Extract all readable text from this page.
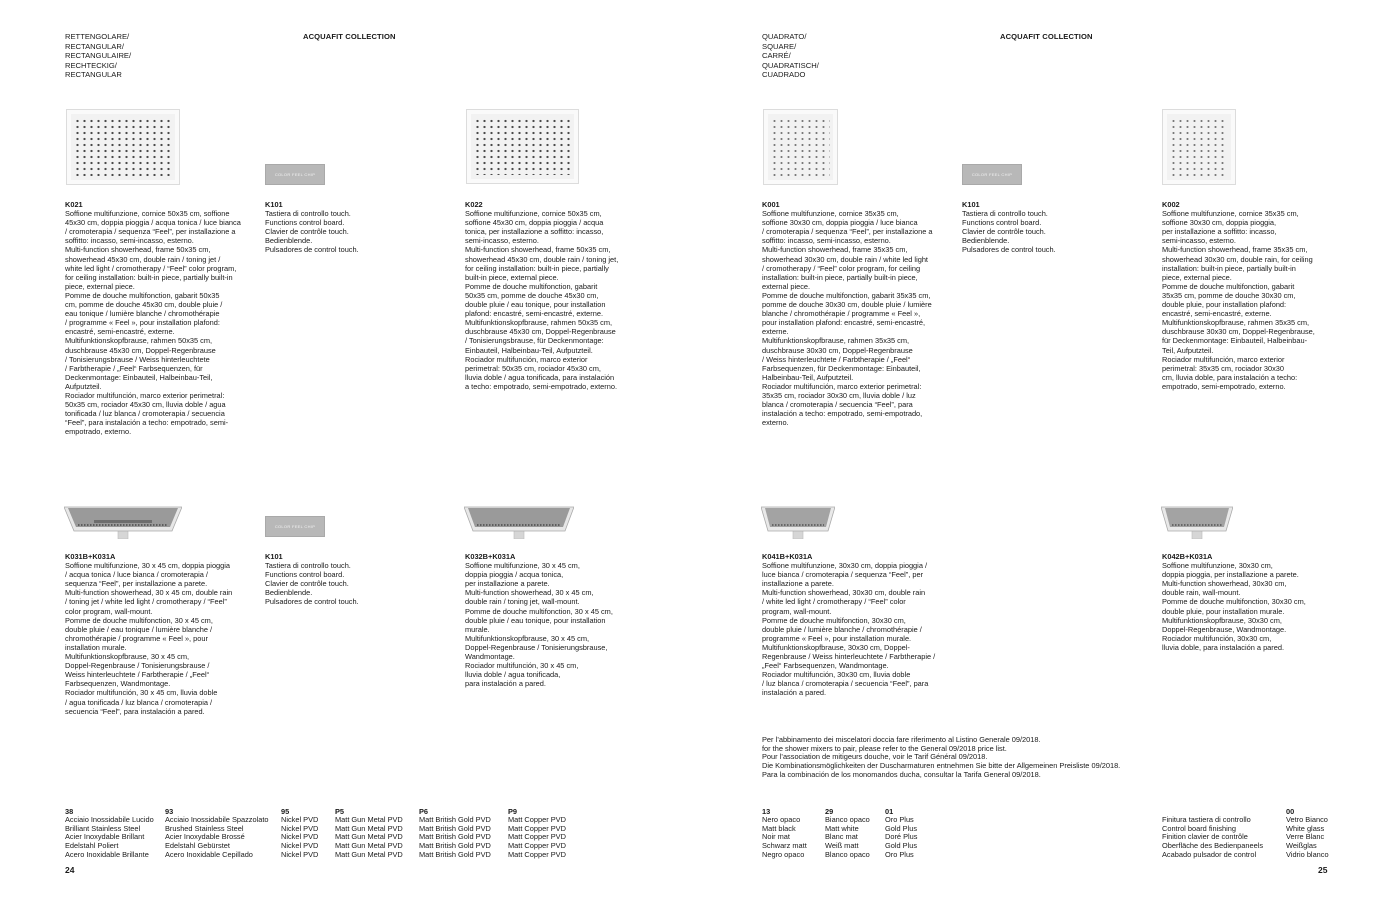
RETTENGOLARE/
RECTANGULAR/
RECTANGULAIRE/
RECHTECKIG/
RECTANGULAR
ACQUAFIT COLLECTION
COLOR FEEL CHIP
K021
Soffione multifunzione, cornice 50x35 cm, soffione
45x30 cm, doppia pioggia / acqua tonica / luce bianca
/ cromoterapia / sequenza “Feel”, per installazione a
soffitto: incasso, semi-incasso, esterno.
Multi-function showerhead, frame 50x35 cm,
showerhead 45x30 cm, double rain / toning jet /
white led light / cromotherapy / “Feel” color program,
for ceiling installation: built-in piece, partially built-in
piece, external piece.
Pomme de douche multifonction, gabarit 50x35
cm, pomme de douche 45x30 cm, double pluie /
eau tonique / lumière blanche / chromothérapie
/ programme « Feel », pour installation plafond:
encastré, semi-encastré, externe.
Multifunktionskopfbrause, rahmen 50x35 cm,
duschbrause 45x30 cm, Doppel-Regenbrause
/ Tonisierungsbrause / Weiss hinterleuchtete
/ Farbtherapie / „Feel“ Farbsequenzen, für
Deckenmontage: Einbauteil, Halbeinbau-Teil,
Aufputzteil.
Rociador multifunción, marco exterior perimetral:
50x35 cm, rociador 45x30 cm, lluvia doble / agua
tonificada / luz blanca / cromoterapia / secuencia
“Feel”, para instalación a techo: empotrado, semi-
empotrado, externo.
K101
Tastiera di controllo touch.
Functions control board.
Clavier de contrôle touch.
Bedienblende.
Pulsadores de control touch.
K022
Soffione multifunzione, cornice 50x35 cm,
soffione 45x30 cm, doppia pioggia / acqua
tonica, per installazione a soffitto: incasso,
semi-incasso, esterno.
Multi-function showerhead, frame 50x35 cm,
showerhead 45x30 cm, double rain / toning jet,
for ceiling installation: built-in piece, partially
built-in piece, external piece.
Pomme de douche multifonction, gabarit
50x35 cm, pomme de douche 45x30 cm,
double pluie / eau tonique, pour installation
plafond: encastré, semi-encastré, externe.
Multifunktionskopfbrause, rahmen 50x35 cm,
duschbrause 45x30 cm, Doppel-Regenbrause
/ Tonisierungsbrause, für Deckenmontage:
Einbauteil, Halbeinbau-Teil, Aufputzteil.
Rociador multifunción, marco exterior
perimetral: 50x35 cm, rociador 45x30 cm,
lluvia doble / agua tonificada, para instalación
a techo: empotrado, semi-empotrado, externo.
COLOR FEEL CHIP
K031B+K031A
Soffione multifunzione, 30 x 45 cm, doppia pioggia
/ acqua tonica / luce bianca / cromoterapia /
sequenza “Feel”, per installazione a parete.
Multi-function showerhead, 30 x 45 cm, double rain
/ toning jet / white led light / cromotherapy / “Feel”
color program, wall-mount.
Pomme de douche multifonction, 30 x 45 cm,
double pluie / eau tonique / lumière blanche /
chromothérapie / programme « Feel », pour
installation murale.
Multifunktionskopfbrause, 30 x 45 cm,
Doppel-Regenbrause / Tonisierungsbrause /
Weiss hinterleuchtete / Farbtherapie / „Feel“
Farbsequenzen, Wandmontage.
Rociador multifunción, 30 x 45 cm, lluvia doble
/ agua tonificada / luz blanca / cromoterapia /
secuencia “Feel”, para instalación a pared.
K101
Tastiera di controllo touch.
Functions control board.
Clavier de contrôle touch.
Bedienblende.
Pulsadores de control touch.
K032B+K031A
Soffione multifunzione, 30 x 45 cm,
doppia pioggia / acqua tonica,
per installazione a parete.
Multi-function showerhead, 30 x 45 cm,
double rain / toning jet, wall-mount.
Pomme de douche multifonction, 30 x 45 cm,
double pluie / eau tonique, pour installation
murale.
Multifunktionskopfbrause, 30 x 45 cm,
Doppel-Regenbrause / Tonisierungsbrause,
Wandmontage.
Rociador multifunción, 30 x 45 cm,
lluvia doble / agua tonificada,
para instalación a pared.
38
Acciaio Inossidabile Lucido
Brilliant Stainless Steel
Acier Inoxydable Brillant
Edelstahl Poliert
Acero Inoxidable Brillante
93
Acciaio Inossidabile Spazzolato
Brushed Stainless Steel
Acier Inoxydable Brossé
Edelstahl Gebürstet
Acero Inoxidable Cepillado
95
Nickel PVD
Nickel PVD
Nickel PVD
Nickel PVD
Nickel PVD
P5
Matt Gun Metal PVD
Matt Gun Metal PVD
Matt Gun Metal PVD
Matt Gun Metal PVD
Matt Gun Metal PVD
P6
Matt British Gold PVD
Matt British Gold PVD
Matt British Gold PVD
Matt British Gold PVD
Matt British Gold PVD
P9
Matt Copper PVD
Matt Copper PVD
Matt Copper PVD
Matt Copper PVD
Matt Copper PVD
24
QUADRATO/
SQUARE/
CARRÉ/
QUADRATISCH/
CUADRADO
ACQUAFIT COLLECTION
COLOR FEEL CHIP
K001
Soffione multifunzione, cornice 35x35 cm,
soffione 30x30 cm, doppia pioggia / luce bianca
/ cromoterapia / sequenza “Feel”, per installazione a
soffitto: incasso, semi-incasso, esterno.
Multi-function showerhead, frame 35x35 cm,
showerhead 30x30 cm, double rain / white led light
/ cromotherapy / “Feel” color program, for ceiling
installation: built-in piece, partially built-in piece,
external piece.
Pomme de douche multifonction, gabarit 35x35 cm,
pomme de douche 30x30 cm, double pluie / lumière
blanche / chromothérapie / programme « Feel »,
pour installation plafond: encastré, semi-encastré,
externe.
Multifunktionskopfbrause, rahmen 35x35 cm,
duschbrause 30x30 cm, Doppel-Regenbrause
/ Weiss hinterleuchtete / Farbtherapie / „Feel“
Farbsequenzen, für Deckenmontage: Einbauteil,
Halbeinbau-Teil, Aufputzteil.
Rociador multifunción, marco exterior perimetral:
35x35 cm, rociador 30x30 cm, lluvia doble / luz
blanca / cromoterapia / secuencia “Feel”, para
instalación a techo: empotrado, semi-empotrado,
externo.
K101
Tastiera di controllo touch.
Functions control board.
Clavier de contrôle touch.
Bedienblende.
Pulsadores de control touch.
K002
Soffione multifunzione, cornice 35x35 cm,
soffione 30x30 cm, doppia pioggia,
per installazione a soffitto: incasso,
semi-incasso, esterno.
Multi-function showerhead, frame 35x35 cm,
showerhead 30x30 cm, double rain, for ceiling
installation: built-in piece, partially built-in
piece, external piece.
Pomme de douche multifonction, gabarit
35x35 cm, pomme de douche 30x30 cm,
double pluie, pour installation plafond:
encastré, semi-encastré, externe.
Multifunktionskopfbrause, rahmen 35x35 cm,
duschbrause 30x30 cm, Doppel-Regenbrause,
für Deckenmontage: Einbauteil, Halbeinbau-
Teil, Aufputzteil.
Rociador multifunción, marco exterior
perimetral: 35x35 cm, rociador 30x30
cm, lluvia doble, para instalación a techo:
empotrado, semi-empotrado, externo.
K041B+K031A
Soffione multifunzione, 30x30 cm, doppia pioggia /
luce bianca / cromoterapia / sequenza “Feel”, per
installazione a parete.
Multi-function showerhead, 30x30 cm, double rain
/ white led light / cromotherapy / “Feel” color
program, wall-mount.
Pomme de douche multifonction, 30x30 cm,
double pluie / lumière blanche / chromothérapie /
programme « Feel », pour installation murale.
Multifunktionskopfbrause, 30x30 cm, Doppel-
Regenbrause / Weiss hinterleuchtete / Farbtherapie /
„Feel“ Farbsequenzen, Wandmontage.
Rociador multifunción, 30x30 cm, lluvia doble
/ luz blanca / cromoterapia / secuencia “Feel”, para
instalación a pared.
K042B+K031A
Soffione multifunzione, 30x30 cm,
doppia pioggia, per installazione a parete.
Multi-function showerhead, 30x30 cm,
double rain, wall-mount.
Pomme de douche multifonction, 30x30 cm,
double pluie, pour installation murale.
Multifunktionskopfbrause, 30x30 cm,
Doppel-Regenbrause, Wandmontage.
Rociador multifunción, 30x30 cm,
lluvia doble, para instalación a pared.
Per l’abbinamento dei miscelatori doccia fare riferimento al Listino Generale 09/2018.
for the shower mixers to pair, please refer to the General 09/2018 price list.
Pour l’association de mitigeurs douche, voir le Tarif Général 09/2018.
Die Kombinationsmöglichkeiten der Duscharmaturen entnehmen Sie bitte der Allgemeinen Preisliste 09/2018.
Para la combinación de los monomandos ducha, consultar la Tarifa General 09/2018.
13
Nero opaco
Matt black
Noir mat
Schwarz matt
Negro opaco
29
Bianco opaco
Matt white
Blanc mat
Weiß matt
Blanco opaco
01
Oro Plus
Gold Plus
Doré Plus
Gold Plus
Oro Plus
Finitura tastiera di controllo
Control board finishing
Finition clavier de contrôle
Oberfläche des Bedienpaneels
Acabado pulsador de control
00
Vetro Bianco
White glass
Verre Blanc
Weißglas
Vidrio blanco
25
